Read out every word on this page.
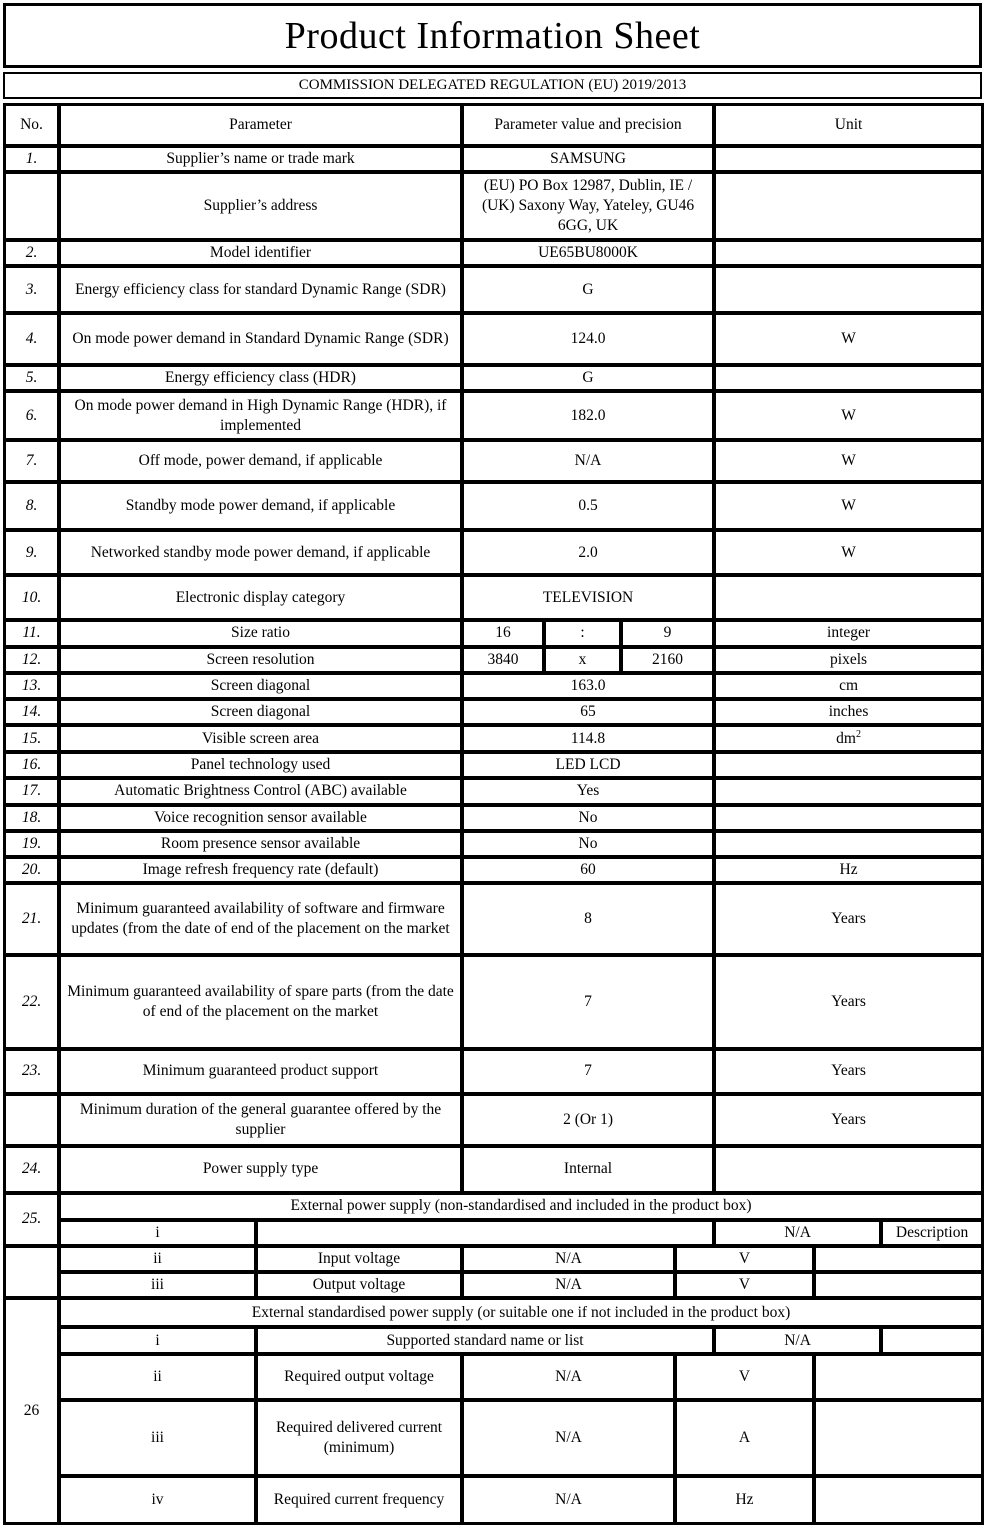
Product Information Sheet
COMMISSION DELEGATED REGULATION (EU) 2019/2013
No.	Parameter		Parameter value and precision				Unit		
1.	Supplier’s name or trade mark		SAMSUNG						
	Supplier’s address		(EU) PO Box 12987, Dublin, IE / (UK) Saxony Way, Yateley, GU46 6GG, UK						
2.	Model identifier		UE65BU8000K						
3.	Energy efficiency class for standard Dynamic Range (SDR)		G						
4.	On mode power demand in Standard Dynamic Range (SDR)		124.0				W		
5.	Energy efficiency class (HDR)		G						
6.	On mode power demand in High Dynamic Range (HDR), if implemented		182.0				W		
7.	Off mode, power demand, if applicable		N/A				W		
8.	Standby mode power demand, if applicable		0.5				W		
9.	Networked standby mode power demand, if applicable		2.0				W		
10.	Electronic display category		TELEVISION						
11.	Size ratio		16	:	9		integer		
12.	Screen resolution		3840	x	2160		pixels		
13.	Screen diagonal		163.0				cm		
14.	Screen diagonal		65				inches		
15.	Visible screen area		114.8				$dm^2$
16.	Panel technology used		LED LCD						
17.	Automatic Brightness Control (ABC) available		Yes						
18.	Voice recognition sensor available		No						
19.	Room presence sensor available		No						
20.	Image refresh frequency rate (default)		60				Hz		
21.	Minimum guaranteed availability of software and firmware updates (from the date of end of the placement on the market		8				Years		
22.	Minimum guaranteed availability of spare parts (from the date of end of the placement on the market		7				Years		
23.	Minimum guaranteed product support		7				Years		
	Minimum duration of the general guarantee offered by the supplier		2 (Or 1)				Years		
24.	Power supply type		Internal						
25.	External power supply (non-standardised and included in the product box)								
	i						N/A		Description
	ii	Input voltage	N/A			V			
	iii	Output voltage	N/A			V			
26	External standardised power supply (or suitable one if not included in the product box)								
	i	Supported standard name or list					N/A		
	ii	Required output voltage	N/A			V			
	iii	Required delivered current (minimum)	N/A			A			
	iv	Required current frequency	N/A			Hz			
